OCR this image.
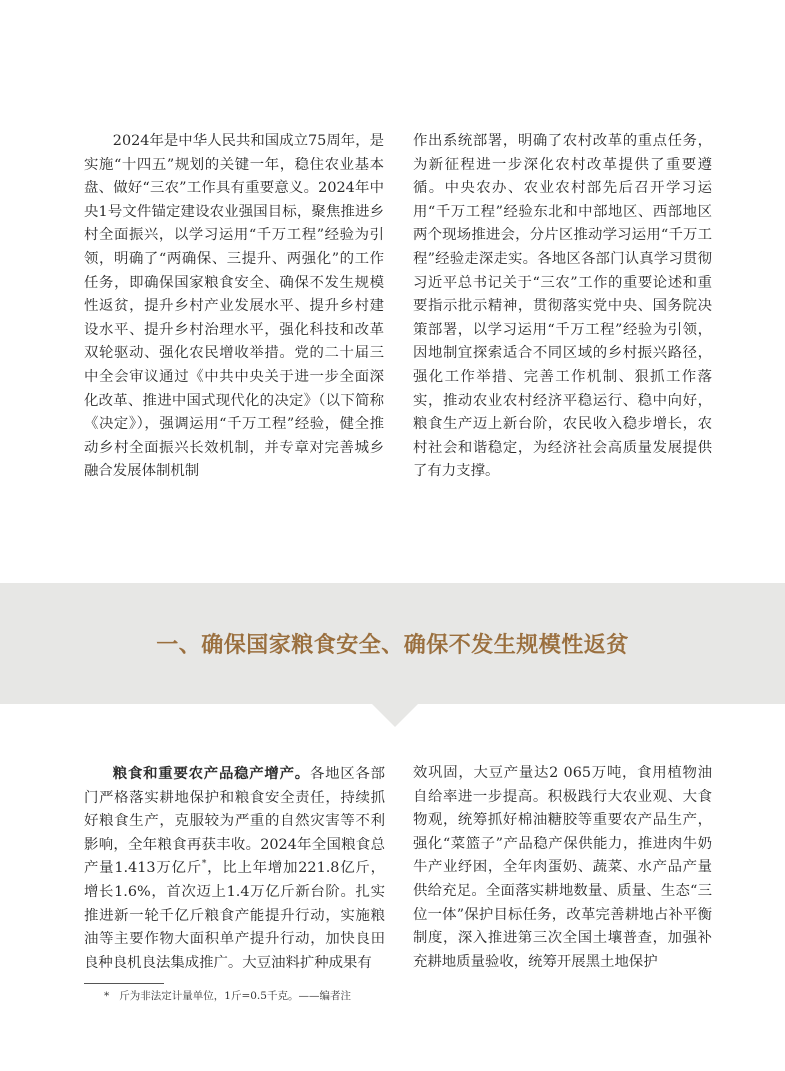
2024年是中华人民共和国成立75周年，是实施“十四五”规划的关键一年，稳住农业基本盘、做好“三农”工作具有重要意义。2024年中央1号文件锚定建设农业强国目标，聚焦推进乡村全面振兴，以学习运用“千万工程”经验为引领，明确了“两确保、三提升、两强化”的工作任务，即确保国家粮食安全、确保不发生规模性返贫，提升乡村产业发展水平、提升乡村建设水平、提升乡村治理水平，强化科技和改革双轮驱动、强化农民增收举措。党的二十届三中全会审议通过《中共中央关于进一步全面深化改革、推进中国式现代化的决定》（以下简称《决定》），强调运用“千万工程”经验，健全推动乡村全面振兴长效机制，并专章对完善城乡融合发展体制机制

作出系统部署，明确了农村改革的重点任务，为新征程进一步深化农村改革提供了重要遵循。中央农办、农业农村部先后召开学习运用“千万工程”经验东北和中部地区、西部地区两个现场推进会，分片区推动学习运用“千万工程”经验走深走实。各地区各部门认真学习贯彻习近平总书记关于“三农”工作的重要论述和重要指示批示精神，贯彻落实党中央、国务院决策部署，以学习运用“千万工程”经验为引领，因地制宜探索适合不同区域的乡村振兴路径，强化工作举措、完善工作机制、狠抓工作落实，推动农业农村经济平稳运行、稳中向好，粮食生产迈上新台阶，农民收入稳步增长，农村社会和谐稳定，为经济社会高质量发展提供了有力支撑。

一、确保国家粮食安全、确保不发生规模性返贫

粮食和重要农产品稳产增产。各地区各部门严格落实耕地保护和粮食安全责任，持续抓好粮食生产，克服较为严重的自然灾害等不利影响，全年粮食再获丰收。2024年全国粮食总产量1.413万亿斤*，比上年增加221.8亿斤，增长1.6%，首次迈上1.4万亿斤新台阶。扎实推进新一轮千亿斤粮食产能提升行动，实施粮油等主要作物大面积单产提升行动，加快良田良种良机良法集成推广。大豆油料扩种成果有

效巩固，大豆产量达2 065万吨，食用植物油自给率进一步提高。积极践行大农业观、大食物观，统筹抓好棉油糖胶等重要农产品生产，强化“菜篮子”产品稳产保供能力，推进肉牛奶牛产业纾困，全年肉蛋奶、蔬菜、水产品产量供给充足。全面落实耕地数量、质量、生态“三位一体”保护目标任务，改革完善耕地占补平衡制度，深入推进第三次全国土壤普查，加强补充耕地质量验收，统筹开展黑土地保护

* 斤为非法定计量单位，1斤=0.5千克。——编者注
